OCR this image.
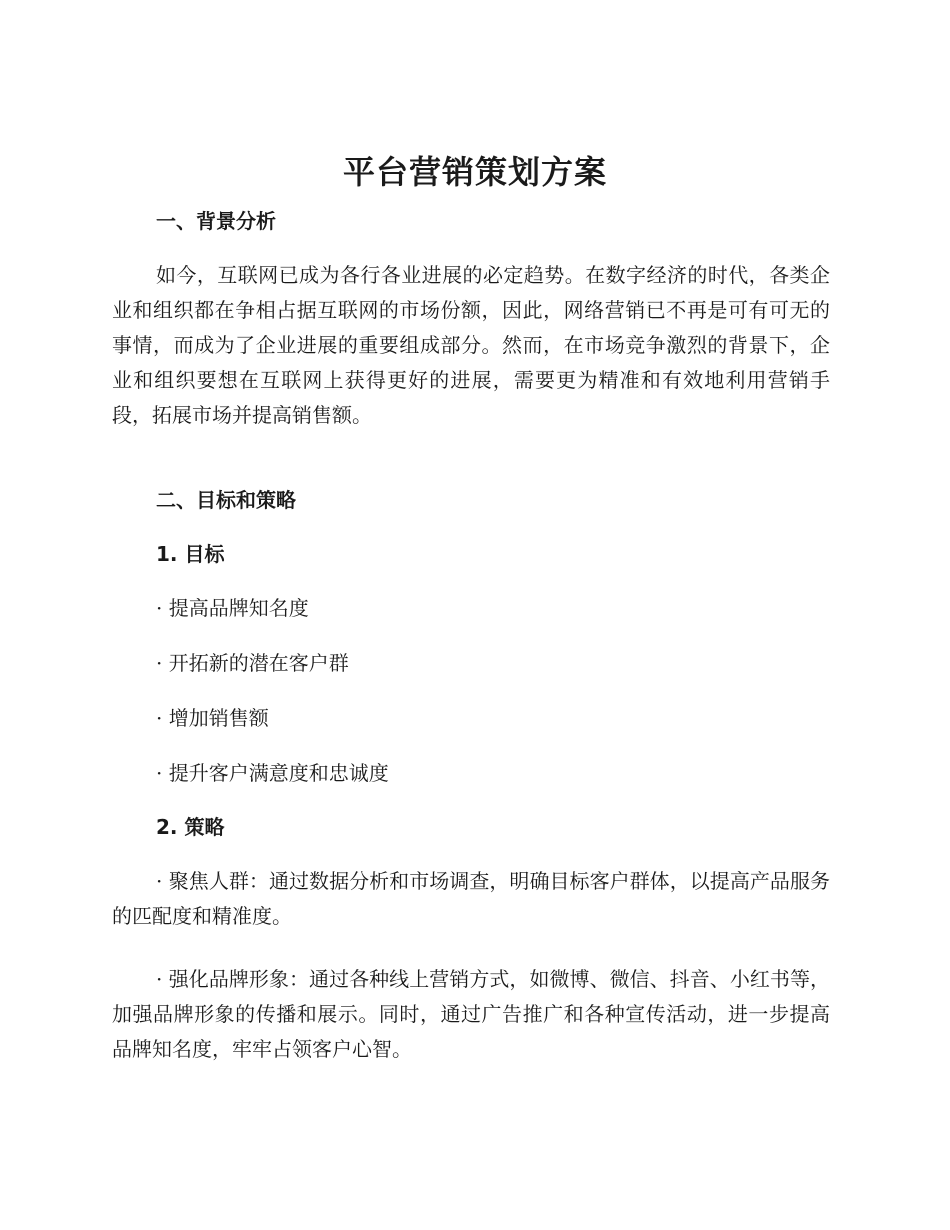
平台营销策划方案
一、背景分析

如今，互联网已成为各行各业进展的必定趋势。在数字经济的时代，各类企业和组织都在争相占据互联网的市场份额，因此，网络营销已不再是可有可无的事情，而成为了企业进展的重要组成部分。然而，在市场竞争激烈的背景下，企业和组织要想在互联网上获得更好的进展，需要更为精准和有效地利用营销手段，拓展市场并提高销售额。

二、目标和策略
1. 目标
· 提高品牌知名度
· 开拓新的潜在客户群
· 增加销售额
· 提升客户满意度和忠诚度
2. 策略

· 聚焦人群：通过数据分析和市场调查，明确目标客户群体，以提高产品服务的匹配度和精准度。

· 强化品牌形象：通过各种线上营销方式，如微博、微信、抖音、小红书等，加强品牌形象的传播和展示。同时，通过广告推广和各种宣传活动，进一步提高品牌知名度，牢牢占领客户心智。
